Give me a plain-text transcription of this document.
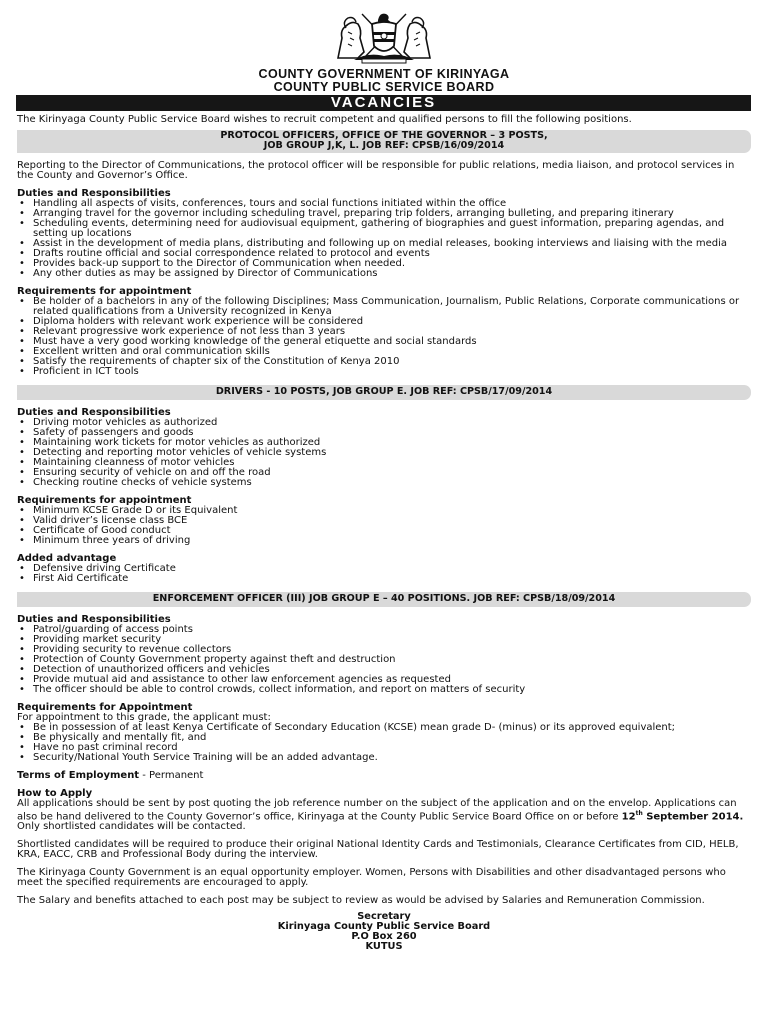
COUNTY GOVERNMENT OF KIRINYAGA
COUNTY PUBLIC SERVICE BOARD
VACANCIES

The Kirinyaga County Public Service Board wishes to recruit competent and qualified persons to fill the following positions.

PROTOCOL OFFICERS, OFFICE OF THE GOVERNOR – 3 POSTS,
JOB GROUP J,K, L. JOB REF: CPSB/16/09/2014

Reporting to the Director of Communications, the protocol officer will be responsible for public relations, media liaison, and protocol services in the County and Governor’s Office.

Duties and Responsibilities
• Handling all aspects of visits, conferences, tours and social functions initiated within the office
• Arranging travel for the governor including scheduling travel, preparing trip folders, arranging bulleting, and preparing itinerary
• Scheduling events, determining need for audiovisual equipment, gathering of biographies and guest information, preparing agendas, and setting up locations
• Assist in the development of media plans, distributing and following up on medial releases, booking interviews and liaising with the media
• Drafts routine official and social correspondence related to protocol and events
• Provides back-up support to the Director of Communication when needed.
• Any other duties as may be assigned by Director of Communications
Requirements for appointment
• Be holder of a bachelors in any of the following Disciplines; Mass Communication, Journalism, Public Relations, Corporate communications or related qualifications from a University recognized in Kenya
• Diploma holders with relevant work experience will be considered
• Relevant progressive work experience of not less than 3 years
• Must have a very good working knowledge of the general etiquette and social standards
• Excellent written and oral communication skills
• Satisfy the requirements of chapter six of the Constitution of Kenya 2010
• Proficient in ICT tools
DRIVERS - 10 POSTS, JOB GROUP E. JOB REF: CPSB/17/09/2014
Duties and Responsibilities
• Driving motor vehicles as authorized
• Safety of passengers and goods
• Maintaining work tickets for motor vehicles as authorized
• Detecting and reporting motor vehicles of vehicle systems
• Maintaining cleanness of motor vehicles
• Ensuring security of vehicle on and off the road
• Checking routine checks of vehicle systems
Requirements for appointment
• Minimum KCSE Grade D or its Equivalent
• Valid driver’s license class BCE
• Certificate of Good conduct
• Minimum three years of driving
Added advantage
• Defensive driving Certificate
• First Aid Certificate
ENFORCEMENT OFFICER (III) JOB GROUP E – 40 POSITIONS. JOB REF: CPSB/18/09/2014
Duties and Responsibilities
• Patrol/guarding of access points
• Providing market security
• Providing security to revenue collectors
• Protection of County Government property against theft and destruction
• Detection of unauthorized officers and vehicles
• Provide mutual aid and assistance to other law enforcement agencies as requested
• The officer should be able to control crowds, collect information, and report on matters of security
Requirements for Appointment
For appointment to this grade, the applicant must:
• Be in possession of at least Kenya Certificate of Secondary Education (KCSE) mean grade D- (minus) or its approved equivalent;
• Be physically and mentally fit, and
• Have no past criminal record
• Security/National Youth Service Training will be an added advantage.

Terms of Employment - Permanent

How to Apply

All applications should be sent by post quoting the job reference number on the subject of the application and on the envelop. Applications can also be hand delivered to the County Governor’s office, Kirinyaga at the County Public Service Board Office on or before 12th September 2014.

Only shortlisted candidates will be contacted.

Shortlisted candidates will be required to produce their original National Identity Cards and Testimonials, Clearance Certificates from CID, HELB, KRA, EACC, CRB and Professional Body during the interview.

The Kirinyaga County Government is an equal opportunity employer. Women, Persons with Disabilities and other disadvantaged persons who meet the specified requirements are encouraged to apply.

The Salary and benefits attached to each post may be subject to review as would be advised by Salaries and Remuneration Commission.

Secretary
Kirinyaga County Public Service Board
P.O Box 260
KUTUS
